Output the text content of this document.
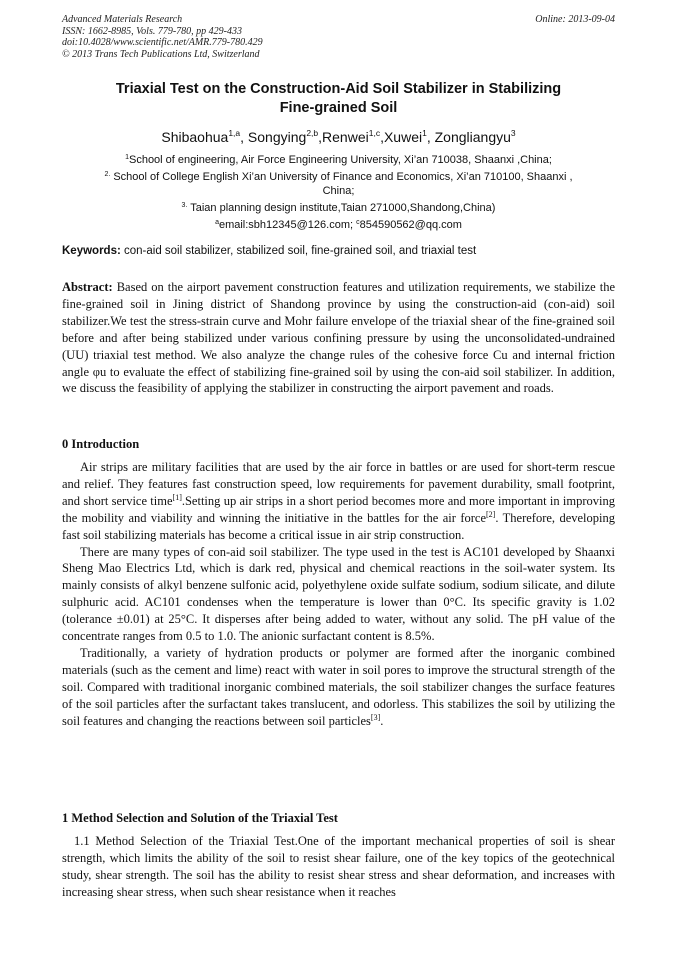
Advanced Materials Research
ISSN: 1662-8985, Vols. 779-780, pp 429-433
doi:10.4028/www.scientific.net/AMR.779-780.429
© 2013 Trans Tech Publications Ltd, Switzerland
Online: 2013-09-04
Triaxial Test on the Construction-Aid Soil Stabilizer in Stabilizing
Fine-grained Soil
Shibaohua$^{1,a}$, Songying$^{2,b}$,Renwei$^{1,c}$,Xuwei$^1$, Zongliangyu$^3$
$^1$School of engineering, Air Force Engineering University, Xi’an 710038, Shaanxi ,China;
$^{2.}$ School of College English Xi’an University of Finance and Economics, Xi’an 710100, Shaanxi ,
China;
$^{3.}$ Taian planning design institute,Taian 271000,Shandong,China)
$^a$email:sbh12345@126.com; $^c$854590562@qq.com
Keywords: con-aid soil stabilizer, stabilized soil, fine-grained soil, and triaxial test

Abstract: Based on the airport pavement construction features and utilization requirements, we stabilize the fine-grained soil in Jining district of Shandong province by using the construction-aid (con-aid) soil stabilizer.We test the stress-strain curve and Mohr failure envelope of the triaxial shear of the fine-grained soil before and after being stabilized under various confining pressure by using the unconsolidated-undrained (UU) triaxial test method. We also analyze the change rules of the cohesive force Cu and internal friction angle φu to evaluate the effect of stabilizing fine-grained soil by using the con-aid soil stabilizer. In addition, we discuss the feasibility of applying the stabilizer in constructing the airport pavement and roads.

0 Introduction

Air strips are military facilities that are used by the air force in battles or are used for short-term rescue and relief. They features fast construction speed, low requirements for pavement durability, small footprint, and short service time[1].Setting up air strips in a short period becomes more and more important in improving the mobility and viability and winning the initiative in the battles for the air force[2]. Therefore, developing fast soil stabilizing materials has become a critical issue in air strip construction.

There are many types of con-aid soil stabilizer. The type used in the test is AC101 developed by Shaanxi Sheng Mao Electrics Ltd, which is dark red, physical and chemical reactions in the soil-water system. Its mainly consists of alkyl benzene sulfonic acid, polyethylene oxide sulfate sodium, sodium silicate, and dilute sulphuric acid. AC101 condenses when the temperature is lower than 0°C. Its specific gravity is 1.02 (tolerance ±0.01) at 25°C. It disperses after being added to water, without any solid. The pH value of the concentrate ranges from 0.5 to 1.0. The anionic surfactant content is 8.5%.

Traditionally, a variety of hydration products or polymer are formed after the inorganic combined materials (such as the cement and lime) react with water in soil pores to improve the structural strength of the soil. Compared with traditional inorganic combined materials, the soil stabilizer changes the surface features of the soil particles after the surfactant takes translucent, and odorless. This stabilizes the soil by utilizing the soil features and changing the reactions between soil particles[3].

1 Method Selection and Solution of the Triaxial Test

1.1 Method Selection of the Triaxial Test.One of the important mechanical properties of soil is shear strength, which limits the ability of the soil to resist shear failure, one of the key topics of the geotechnical study, shear strength. The soil has the ability to resist shear stress and shear deformation, and increases with increasing shear stress, when such shear resistance when it reaches
